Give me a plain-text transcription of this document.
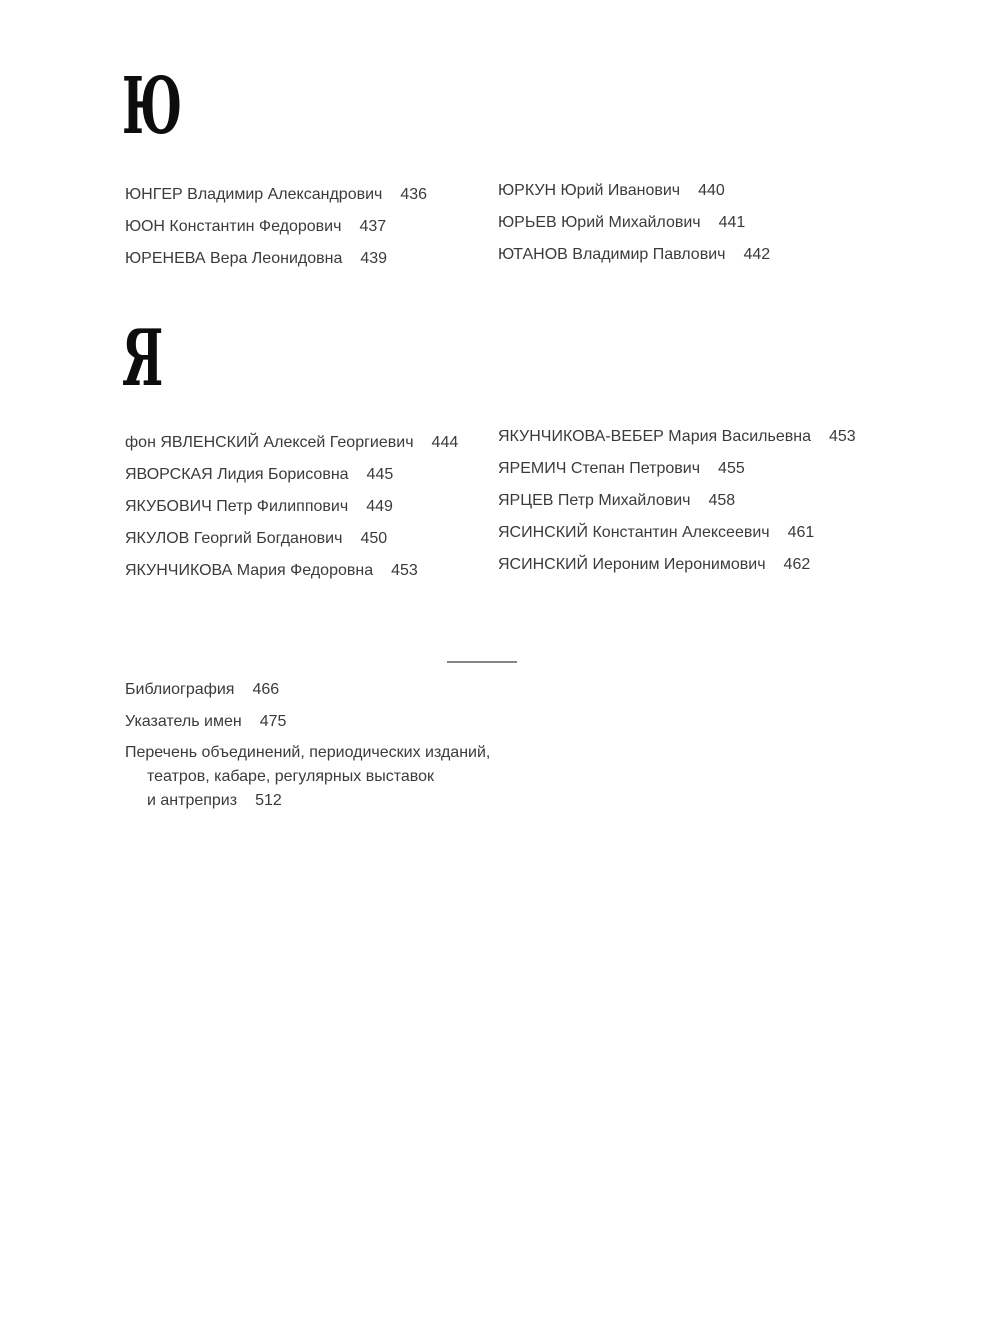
Ю
ЮНГЕР Владимир Александрович 436
ЮОН Константин Федорович 437
ЮРЕНЕВА Вера Леонидовна 439
ЮРКУН Юрий Иванович 440
ЮРЬЕВ Юрий Михайлович 441
ЮТАНОВ Владимир Павлович 442
Я
фон ЯВЛЕНСКИЙ Алексей Георгиевич 444
ЯВОРСКАЯ Лидия Борисовна 445
ЯКУБОВИЧ Петр Филиппович 449
ЯКУЛОВ Георгий Богданович 450
ЯКУНЧИКОВА Мария Федоровна 453
ЯКУНЧИКОВА-ВЕБЕР Мария Васильевна 453
ЯРЕМИЧ Степан Петрович 455
ЯРЦЕВ Петр Михайлович 458
ЯСИНСКИЙ Константин Алексеевич 461
ЯСИНСКИЙ Иероним Иеронимович 462
Библиография 466
Указатель имен 475
Перечень объединений, периодических изданий,
театров, кабаре, регулярных выставок
и антреприз 512
